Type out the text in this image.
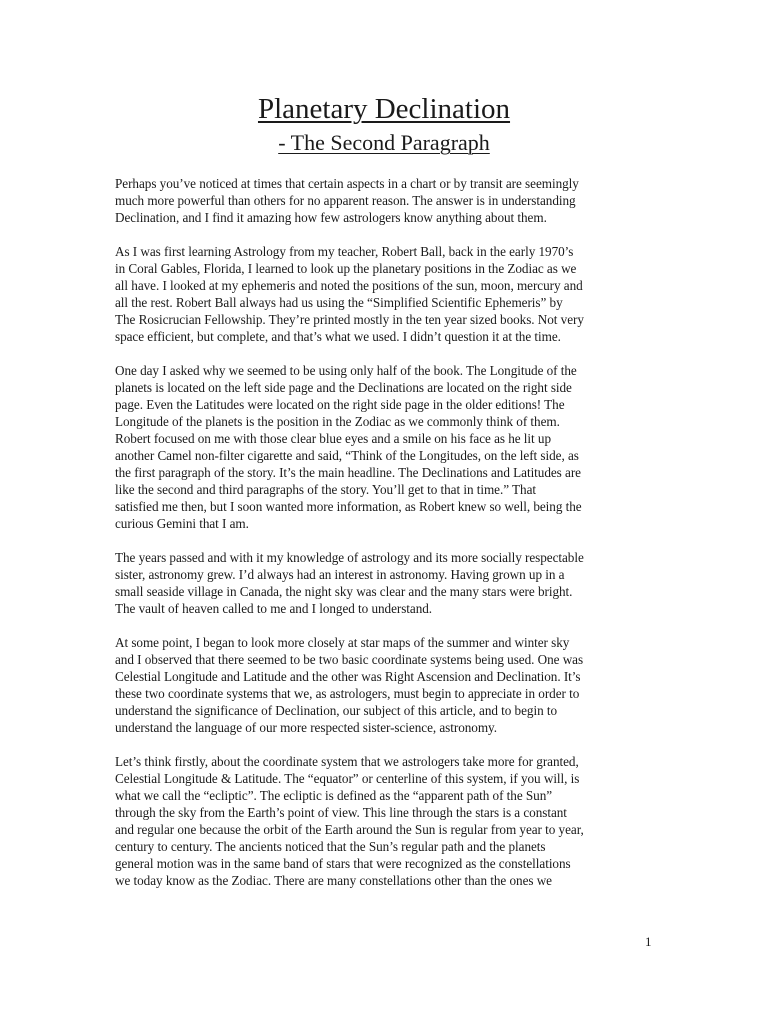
Planetary Declination
- The Second Paragraph

Perhaps you’ve noticed at times that certain aspects in a chart or by transit are seemingly
much more powerful than others for no apparent reason. The answer is in understanding
Declination, and I find it amazing how few astrologers know anything about them.

As I was first learning Astrology from my teacher, Robert Ball, back in the early 1970’s
in Coral Gables, Florida, I learned to look up the planetary positions in the Zodiac as we
all have. I looked at my ephemeris and noted the positions of the sun, moon, mercury and
all the rest. Robert Ball always had us using the “Simplified Scientific Ephemeris” by
The Rosicrucian Fellowship. They’re printed mostly in the ten year sized books. Not very
space efficient, but complete, and that’s what we used. I didn’t question it at the time.

One day I asked why we seemed to be using only half of the book. The Longitude of the
planets is located on the left side page and the Declinations are located on the right side
page. Even the Latitudes were located on the right side page in the older editions! The
Longitude of the planets is the position in the Zodiac as we commonly think of them.
Robert focused on me with those clear blue eyes and a smile on his face as he lit up
another Camel non-filter cigarette and said, “Think of the Longitudes, on the left side, as
the first paragraph of the story. It’s the main headline. The Declinations and Latitudes are
like the second and third paragraphs of the story. You’ll get to that in time.” That
satisfied me then, but I soon wanted more information, as Robert knew so well, being the
curious Gemini that I am.

The years passed and with it my knowledge of astrology and its more socially respectable
sister, astronomy grew. I’d always had an interest in astronomy. Having grown up in a
small seaside village in Canada, the night sky was clear and the many stars were bright.
The vault of heaven called to me and I longed to understand.

At some point, I began to look more closely at star maps of the summer and winter sky
and I observed that there seemed to be two basic coordinate systems being used. One was
Celestial Longitude and Latitude and the other was Right Ascension and Declination. It’s
these two coordinate systems that we, as astrologers, must begin to appreciate in order to
understand the significance of Declination, our subject of this article, and to begin to
understand the language of our more respected sister-science, astronomy.

Let’s think firstly, about the coordinate system that we astrologers take more for granted,
Celestial Longitude & Latitude. The “equator” or centerline of this system, if you will, is
what we call the “ecliptic”. The ecliptic is defined as the “apparent path of the Sun”
through the sky from the Earth’s point of view. This line through the stars is a constant
and regular one because the orbit of the Earth around the Sun is regular from year to year,
century to century. The ancients noticed that the Sun’s regular path and the planets
general motion was in the same band of stars that were recognized as the constellations
we today know as the Zodiac. There are many constellations other than the ones we

1
